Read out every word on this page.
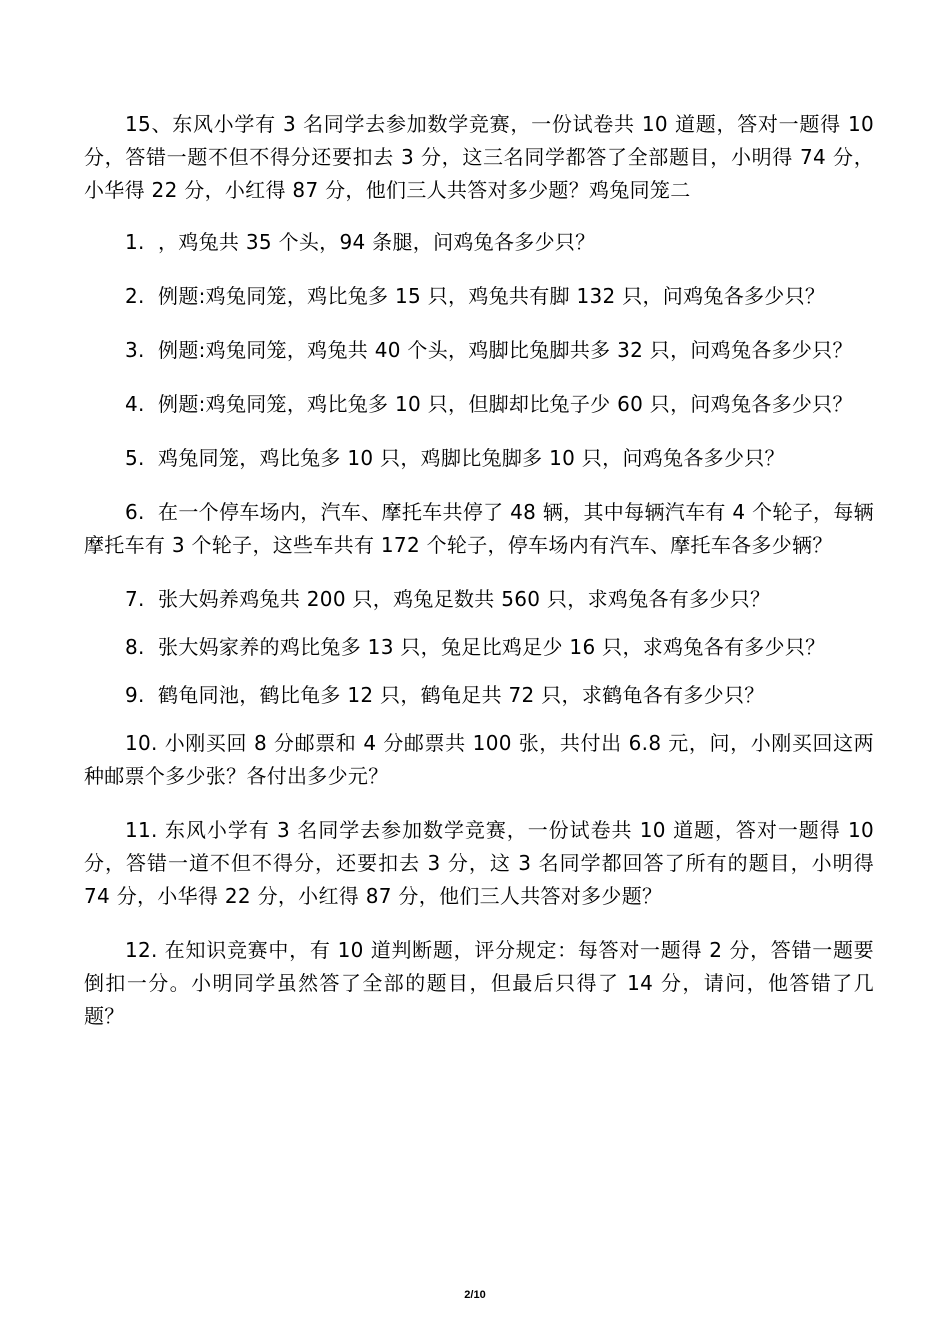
15、东风小学有 3 名同学去参加数学竞赛，一份试卷共 10 道题，答对一题得 10 分，答错一题不但不得分还要扣去 3 分，这三名同学都答了全部题目，小明得 74 分，小华得 22 分，小红得 87 分，他们三人共答对多少题？鸡兔同笼二

1. ，鸡兔共 35 个头，94 条腿，问鸡兔各多少只？

2. 例题:鸡兔同笼，鸡比兔多 15 只，鸡兔共有脚 132 只，问鸡兔各多少只？

3. 例题:鸡兔同笼，鸡兔共 40 个头，鸡脚比兔脚共多 32 只，问鸡兔各多少只？

4. 例题:鸡兔同笼，鸡比兔多 10 只，但脚却比兔子少 60 只，问鸡兔各多少只？

5. 鸡兔同笼，鸡比兔多 10 只，鸡脚比兔脚多 10 只，问鸡兔各多少只？

6. 在一个停车场内，汽车、摩托车共停了 48 辆，其中每辆汽车有 4 个轮子，每辆摩托车有 3 个轮子，这些车共有 172 个轮子，停车场内有汽车、摩托车各多少辆？

7. 张大妈养鸡兔共 200 只，鸡兔足数共 560 只，求鸡兔各有多少只？

8. 张大妈家养的鸡比兔多 13 只，兔足比鸡足少 16 只，求鸡兔各有多少只？

9. 鹤龟同池，鹤比龟多 12 只，鹤龟足共 72 只，求鹤龟各有多少只？

10. 小刚买回 8 分邮票和 4 分邮票共 100 张，共付出 6.8 元，问，小刚买回这两种邮票个多少张？各付出多少元？

11. 东风小学有 3 名同学去参加数学竞赛，一份试卷共 10 道题，答对一题得 10 分，答错一道不但不得分，还要扣去 3 分，这 3 名同学都回答了所有的题目，小明得 74 分，小华得 22 分，小红得 87 分，他们三人共答对多少题？

12. 在知识竞赛中，有 10 道判断题，评分规定：每答对一题得 2 分，答错一题要倒扣一分。小明同学虽然答了全部的题目，但最后只得了 14 分，请问，他答错了几题？

2/10
